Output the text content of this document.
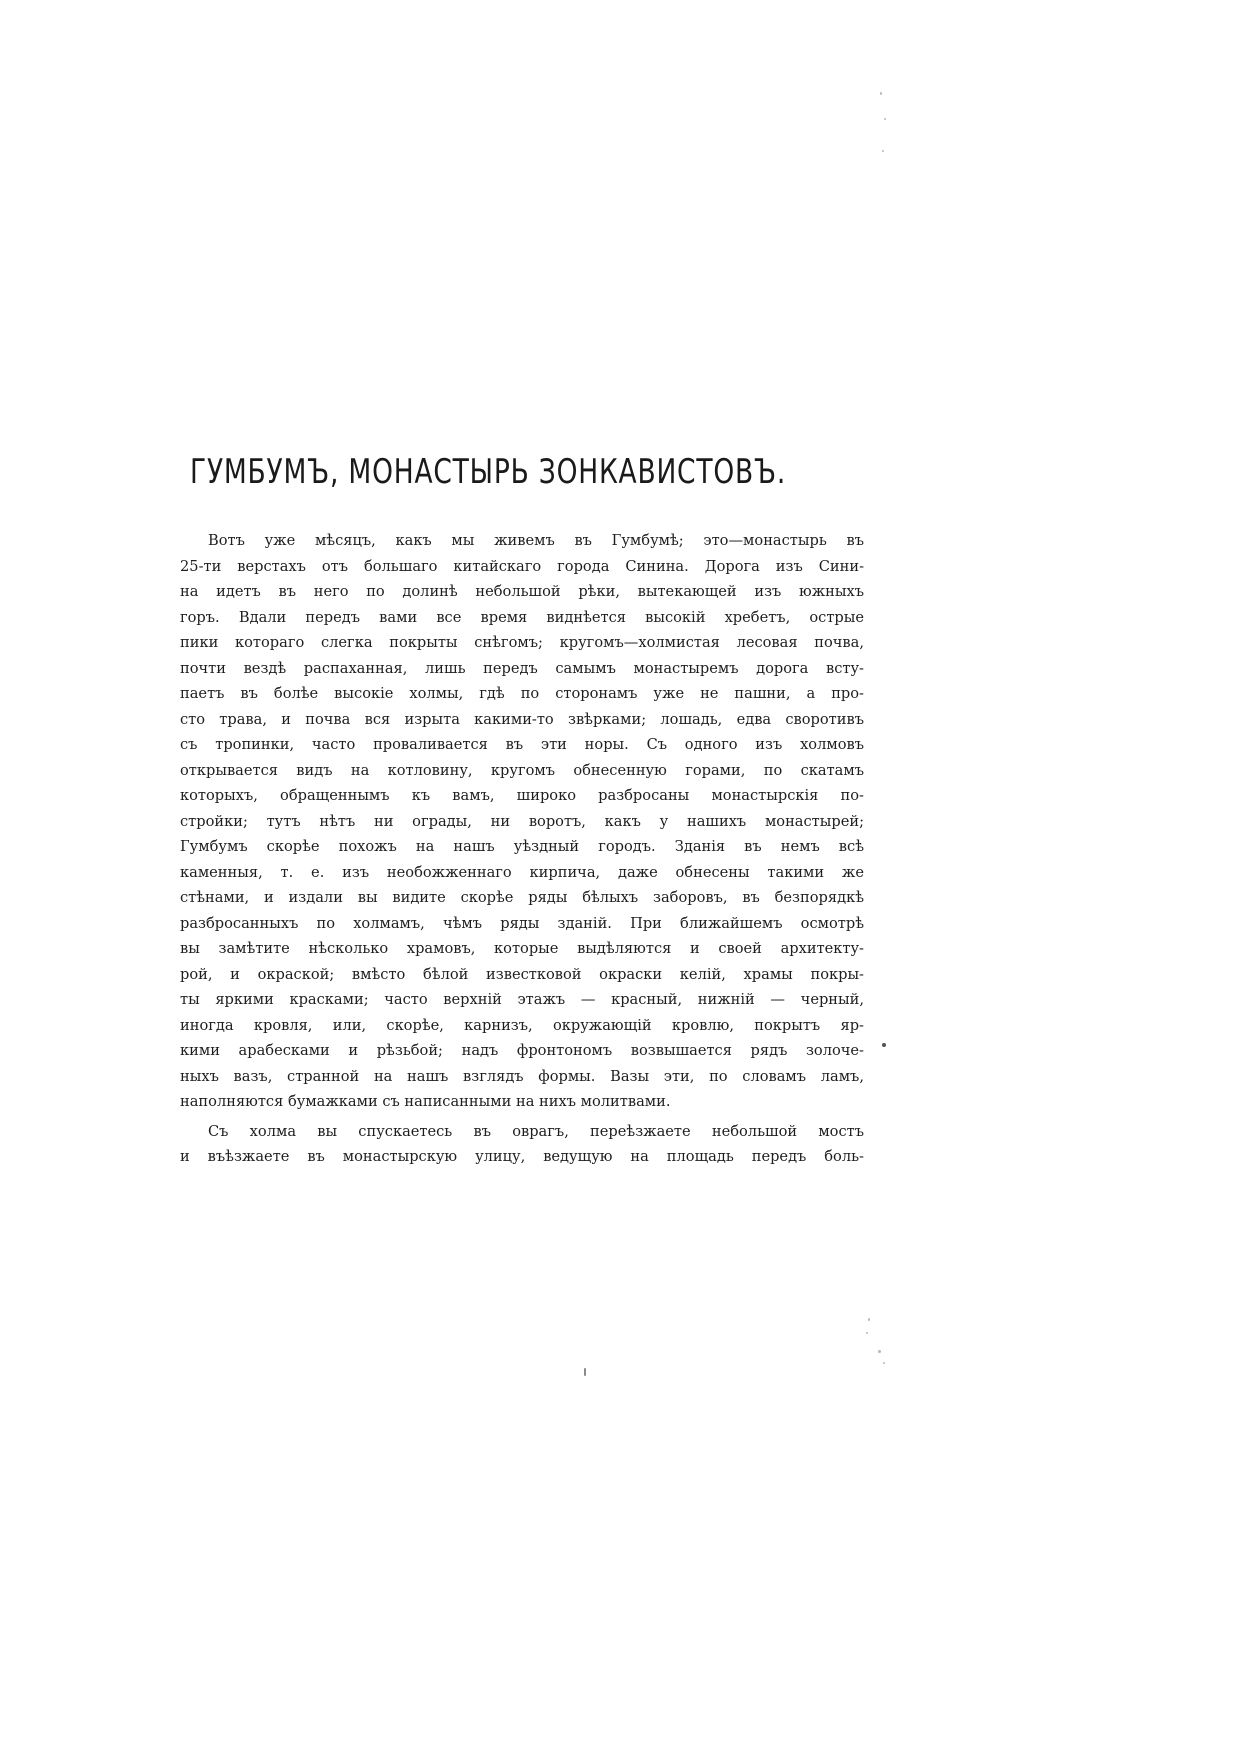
ГУМБУМЪ, МОНАСТЫРЬ ЗОНКАВИСТОВЪ.

Вотъ уже мѣсяцъ, какъ мы живемъ въ Гумбумѣ; это—монастырь въ
25-ти верстахъ отъ большаго китайскаго города Синина. Дорога изъ Сини-
на идетъ въ него по долинѣ небольшой рѣки, вытекающей изъ южныхъ
горъ. Вдали передъ вами все время виднѣется высокій хребетъ, острые
пики котораго слегка покрыты снѣгомъ; кругомъ—холмистая лесовая почва,
почти вездѣ распаханная, лишь передъ самымъ монастыремъ дорога всту-
паетъ въ болѣе высокіе холмы, гдѣ по сторонамъ уже не пашни, а про-
сто трава, и почва вся изрыта какими-то звѣрками; лошадь, едва своротивъ
съ тропинки, часто проваливается въ эти норы. Съ одного изъ холмовъ
открывается видъ на котловину, кругомъ обнесенную горами, по скатамъ
которыхъ, обращеннымъ къ вамъ, широко разбросаны монастырскія по-
стройки; тутъ нѣтъ ни ограды, ни воротъ, какъ у нашихъ монастырей;
Гумбумъ скорѣе похожъ на нашъ уѣздный городъ. Зданія въ немъ всѣ
каменныя, т. е. изъ необожженнаго кирпича, даже обнесены такими же
стѣнами, и издали вы видите скорѣе ряды бѣлыхъ заборовъ, въ безпорядкѣ
разбросанныхъ по холмамъ, чѣмъ ряды зданій. При ближайшемъ осмотрѣ
вы замѣтите нѣсколько храмовъ, которые выдѣляются и своей архитекту-
рой, и окраской; вмѣсто бѣлой известковой окраски келій, храмы покры-
ты яркими красками; часто верхній этажъ — красный, нижній — черный,
иногда кровля, или, скорѣе, карнизъ, окружающій кровлю, покрытъ яр-
кими арабесками и рѣзьбой; надъ фронтономъ возвышается рядъ золоче-
ныхъ вазъ, странной на нашъ взглядъ формы. Вазы эти, по словамъ ламъ,
наполняются бумажками съ написанными на нихъ молитвами.

Съ холма вы спускаетесь въ оврагъ, переѣзжаете небольшой мостъ
и въѣзжаете въ монастырскую улицу, ведущую на площадь передъ боль-
